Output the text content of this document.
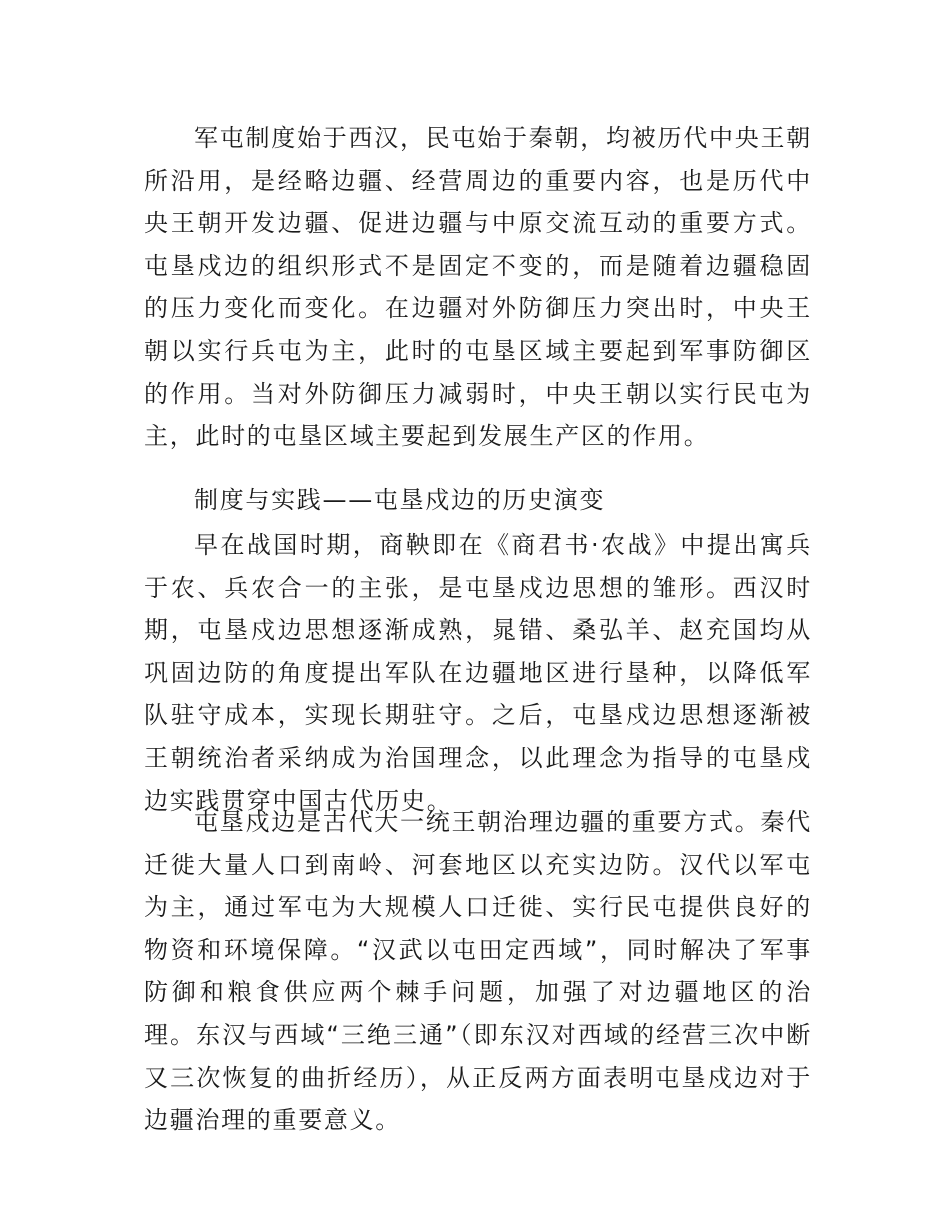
军屯制度始于西汉，民屯始于秦朝，均被历代中央王朝所沿用，是经略边疆、经营周边的重要内容，也是历代中央王朝开发边疆、促进边疆与中原交流互动的重要方式。屯垦戍边的组织形式不是固定不变的，而是随着边疆稳固的压力变化而变化。在边疆对外防御压力突出时，中央王朝以实行兵屯为主，此时的屯垦区域主要起到军事防御区的作用。当对外防御压力减弱时，中央王朝以实行民屯为主，此时的屯垦区域主要起到发展生产区的作用。

制度与实践——屯垦戍边的历史演变

早在战国时期，商鞅即在《商君书·农战》中提出寓兵于农、兵农合一的主张，是屯垦戍边思想的雏形。西汉时期，屯垦戍边思想逐渐成熟，晁错、桑弘羊、赵充国均从巩固边防的角度提出军队在边疆地区进行垦种，以降低军队驻守成本，实现长期驻守。之后，屯垦戍边思想逐渐被王朝统治者采纳成为治国理念，以此理念为指导的屯垦戍边实践贯穿中国古代历史。

屯垦戍边是古代大一统王朝治理边疆的重要方式。秦代迁徙大量人口到南岭、河套地区以充实边防。汉代以军屯为主，通过军屯为大规模人口迁徙、实行民屯提供良好的物资和环境保障。“汉武以屯田定西域”，同时解决了军事防御和粮食供应两个棘手问题，加强了对边疆地区的治理。东汉与西域“三绝三通”（即东汉对西域的经营三次中断又三次恢复的曲折经历），从正反两方面表明屯垦戍边对于边疆治理的重要意义。
